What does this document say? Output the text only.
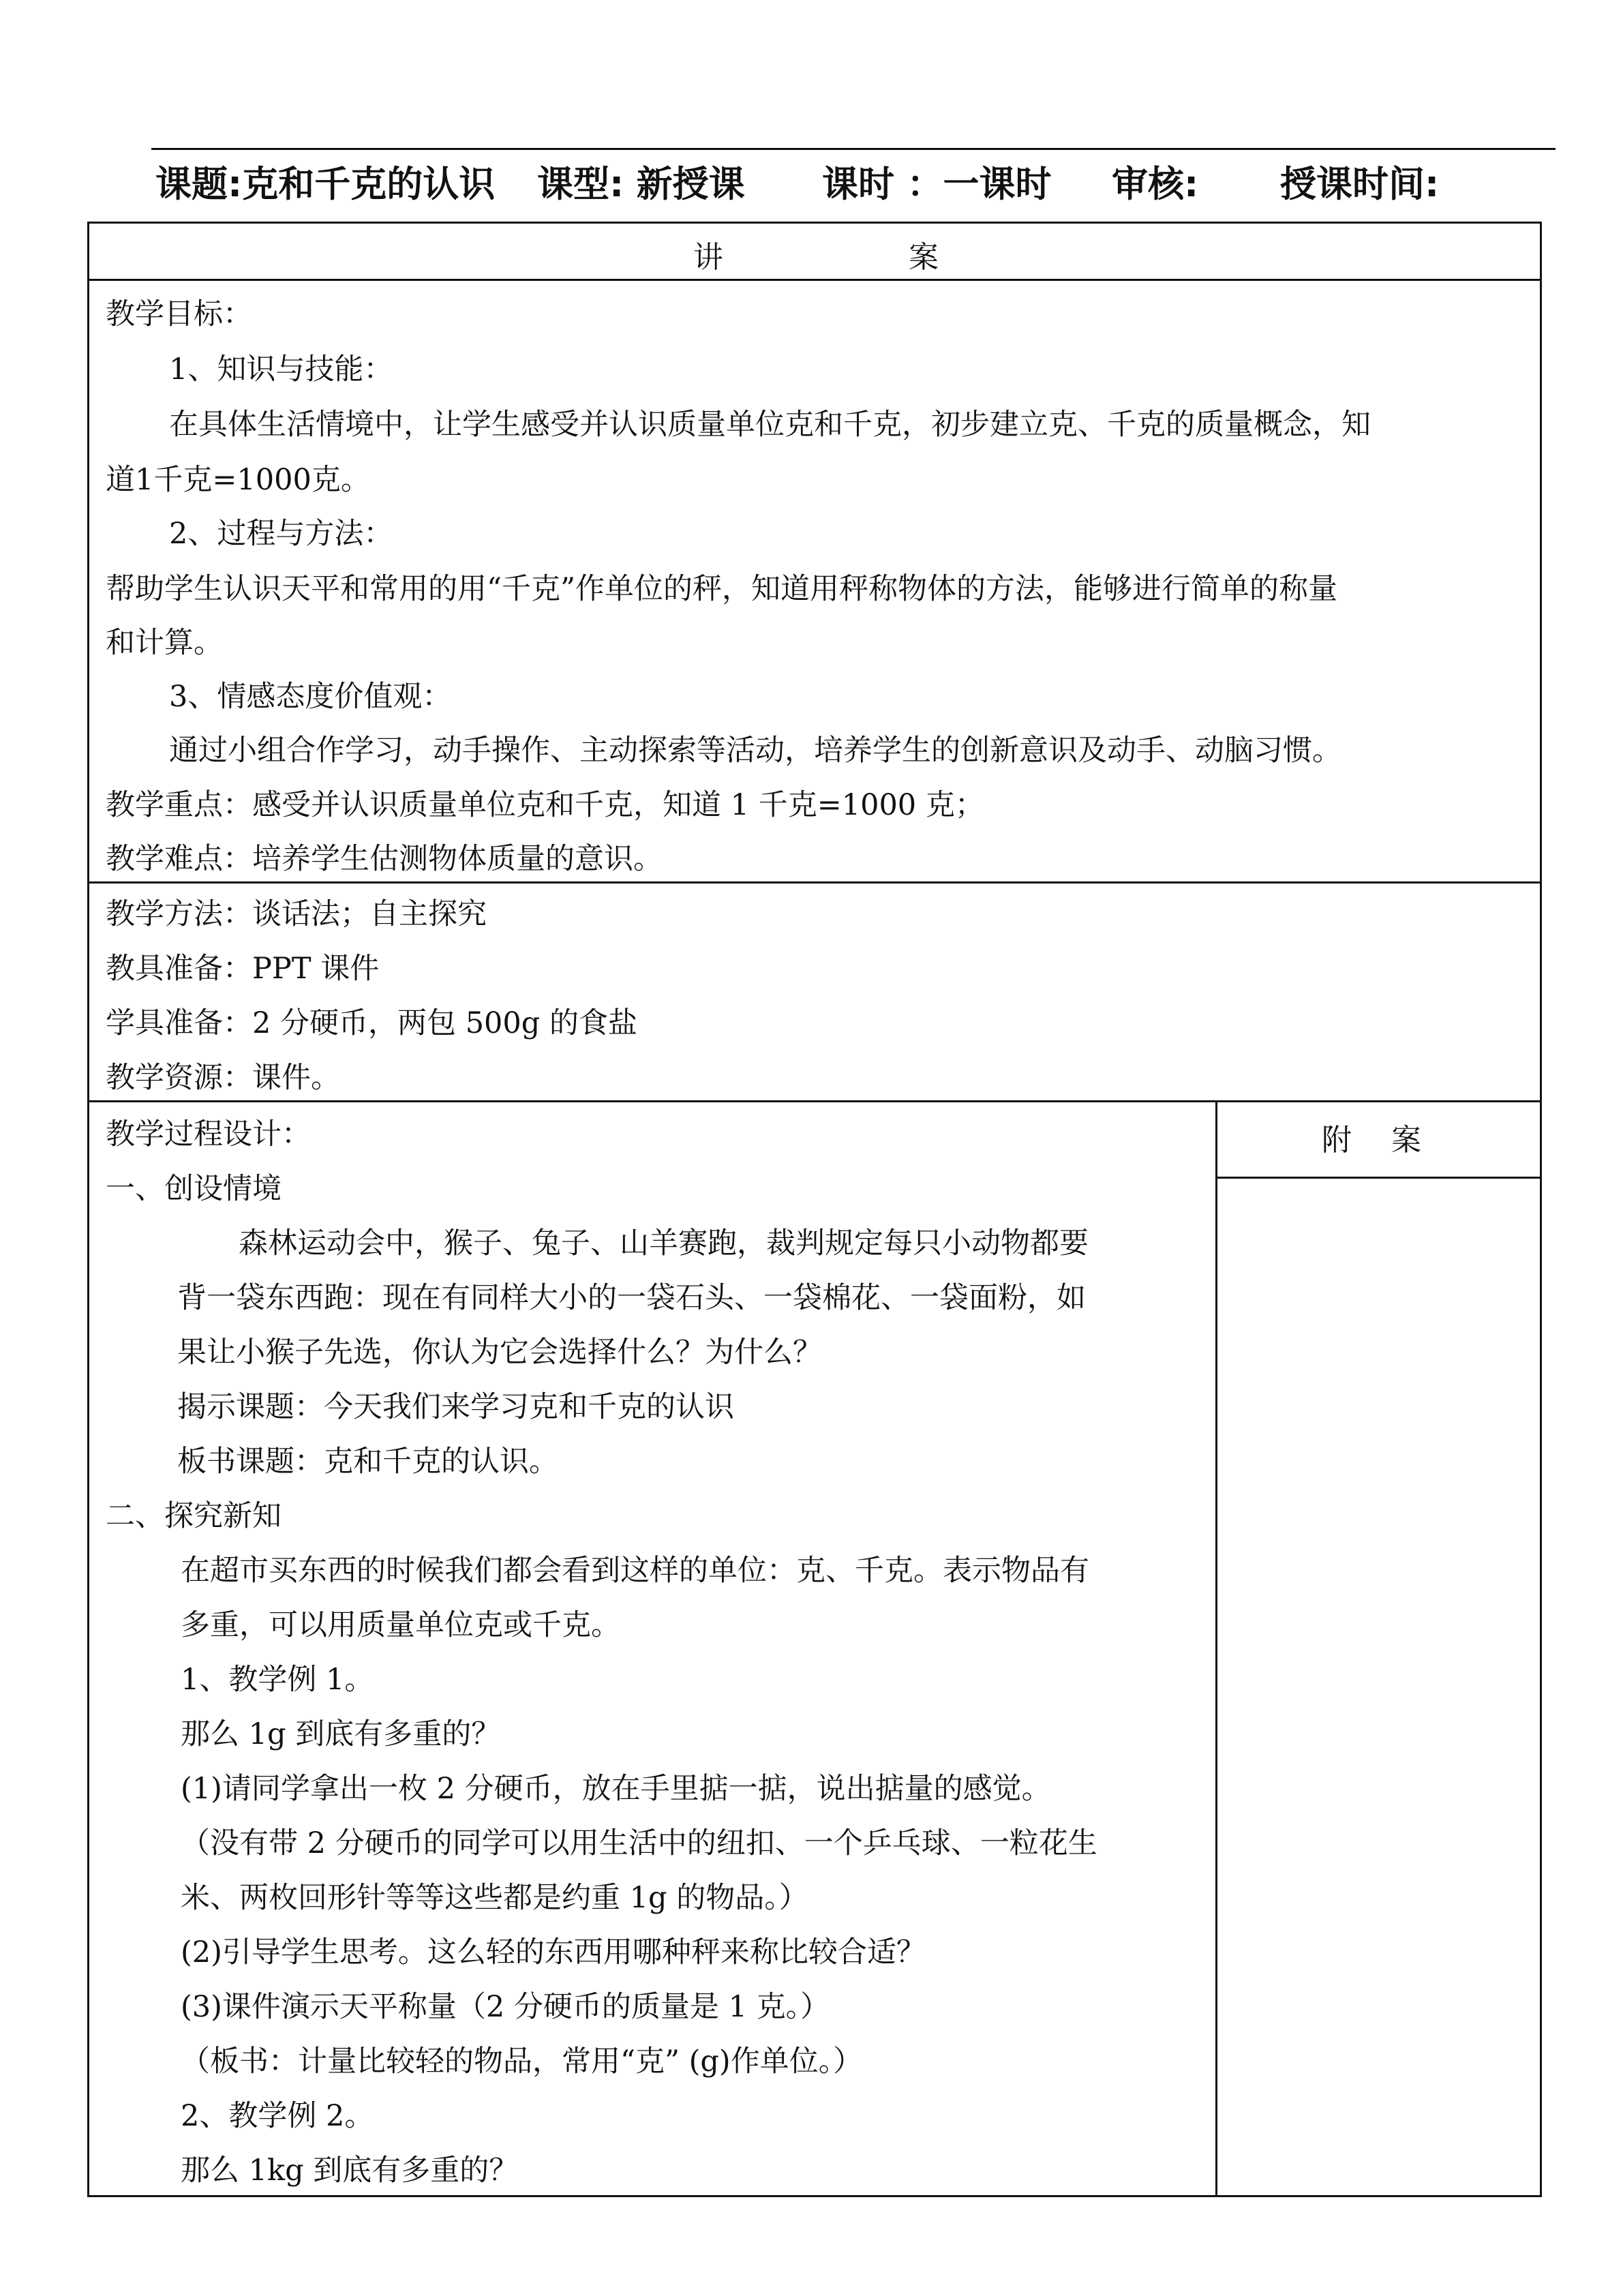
课题:克和千克的认识 课型: 新授课 课时 ：一课时 审核: 授课时间:
讲	案
教学目标：
1、知识与技能：
在具体生活情境中，让学生感受并认识质量单位克和千克，初步建立克、千克的质量概念，知
道1千克=1000克。
2、过程与方法：
帮助学生认识天平和常用的用“千克”作单位的秤，知道用秤称物体的方法，能够进行简单的称量
和计算。
3、情感态度价值观：
通过小组合作学习，动手操作、主动探索等活动，培养学生的创新意识及动手、动脑习惯。
教学重点：感受并认识质量单位克和千克，知道 1 千克=1000 克；
教学难点：培养学生估测物体质量的意识。
教学方法：谈话法；自主探究
教具准备：PPT 课件
学具准备：2 分硬币，两包 500g 的食盐
教学资源：课件。
附 案
教学过程设计：
一、创设情境
森林运动会中，猴子、兔子、山羊赛跑，裁判规定每只小动物都要
背一袋东西跑：现在有同样大小的一袋石头、一袋棉花、一袋面粉，如
果让小猴子先选，你认为它会选择什么？为什么？
揭示课题：今天我们来学习克和千克的认识
板书课题：克和千克的认识。
二、探究新知
在超市买东西的时候我们都会看到这样的单位：克、千克。表示物品有
多重，可以用质量单位克或千克。
1、教学例 1。
那么 1g 到底有多重的？
(1)请同学拿出一枚 2 分硬币，放在手里掂一掂，说出掂量的感觉。
（没有带 2 分硬币的同学可以用生活中的纽扣、一个乒乓球、一粒花生
米、两枚回形针等等这些都是约重 1g 的物品。）
(2)引导学生思考。这么轻的东西用哪种秤来称比较合适？
(3)课件演示天平称量（2 分硬币的质量是 1 克。）
（板书：计量比较轻的物品，常用“克” (g)作单位。）
2、教学例 2。
那么 1kg 到底有多重的？
